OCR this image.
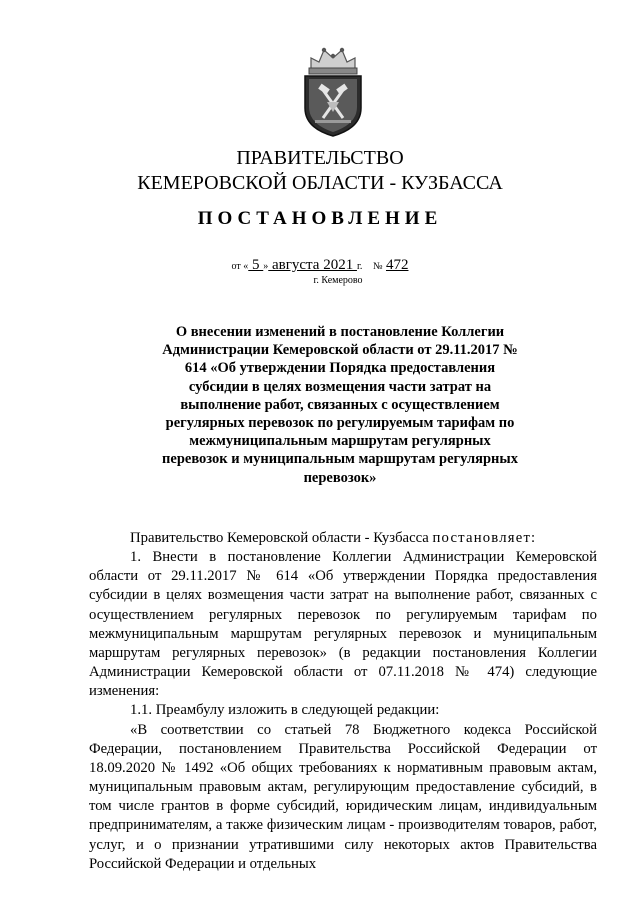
ПРАВИТЕЛЬСТВО
КЕМЕРОВСКОЙ ОБЛАСТИ - КУЗБАССА
ПОСТАНОВЛЕНИЕ
от « 5 » августа 2021 г. № 472
г. Кемерово
О внесении изменений в постановление Коллегии Администрации Кемеровской области от 29.11.2017 № 614 «Об утверждении Порядка предоставления субсидии в целях возмещения части затрат на выполнение работ, связанных с осуществлением регулярных перевозок по регулируемым тарифам по межмуниципальным маршрутам регулярных перевозок и муниципальным маршрутам регулярных перевозок»

Правительство Кемеровской области - Кузбасса постановляет:

1. Внести в постановление Коллегии Администрации Кемеровской области от 29.11.2017 № 614 «Об утверждении Порядка предоставления субсидии в целях возмещения части затрат на выполнение работ, связанных с осуществлением регулярных перевозок по регулируемым тарифам по межмуниципальным маршрутам регулярных перевозок и муниципальным маршрутам регулярных перевозок» (в редакции постановления Коллегии Администрации Кемеровской области от 07.11.2018 № 474) следующие изменения:

1.1. Преамбулу изложить в следующей редакции:

«В соответствии со статьей 78 Бюджетного кодекса Российской Федерации, постановлением Правительства Российской Федерации от 18.09.2020 № 1492 «Об общих требованиях к нормативным правовым актам, муниципальным правовым актам, регулирующим предоставление субсидий, в том числе грантов в форме субсидий, юридическим лицам, индивидуальным предпринимателям, а также физическим лицам - производителям товаров, работ, услуг, и о признании утратившими силу некоторых актов Правительства Российской Федерации и отдельных
